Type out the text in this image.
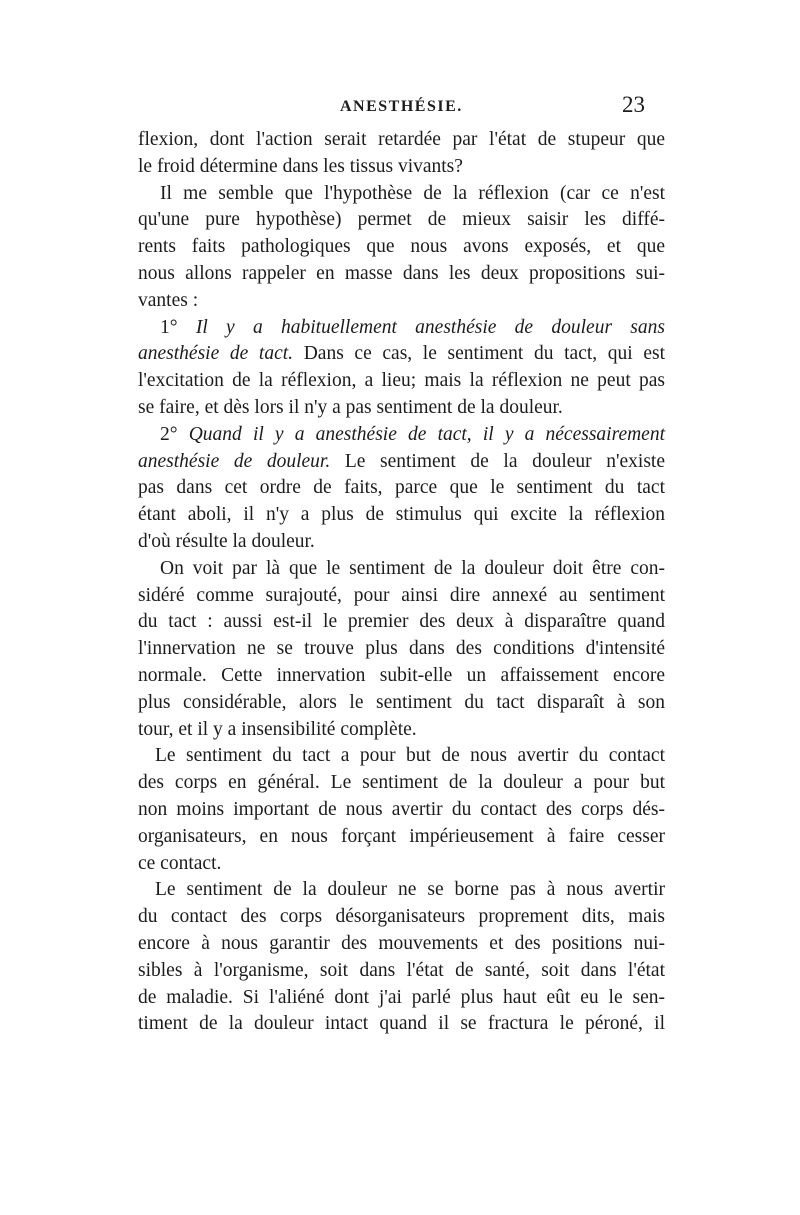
ANESTHÉSIE.	23
flexion, dont l'action serait retardée par l'état de stupeur que
le froid détermine dans les tissus vivants?
Il me semble que l'hypothèse de la réflexion (car ce n'est
qu'une pure hypothèse) permet de mieux saisir les diffé-
rents faits pathologiques que nous avons exposés, et que
nous allons rappeler en masse dans les deux propositions sui-
vantes :
1° Il y a habituellement anesthésie de douleur sans
anesthésie de tact. Dans ce cas, le sentiment du tact, qui est
l'excitation de la réflexion, a lieu; mais la réflexion ne peut pas
se faire, et dès lors il n'y a pas sentiment de la douleur.
2° Quand il y a anesthésie de tact, il y a nécessairement
anesthésie de douleur. Le sentiment de la douleur n'existe
pas dans cet ordre de faits, parce que le sentiment du tact
étant aboli, il n'y a plus de stimulus qui excite la réflexion
d'où résulte la douleur.
On voit par là que le sentiment de la douleur doit être con-
sidéré comme surajouté, pour ainsi dire annexé au sentiment
du tact : aussi est-il le premier des deux à disparaître quand
l'innervation ne se trouve plus dans des conditions d'intensité
normale. Cette innervation subit-elle un affaissement encore
plus considérable, alors le sentiment du tact disparaît à son
tour, et il y a insensibilité complète.
Le sentiment du tact a pour but de nous avertir du contact
des corps en général. Le sentiment de la douleur a pour but
non moins important de nous avertir du contact des corps dés-
organisateurs, en nous forçant impérieusement à faire cesser
ce contact.
Le sentiment de la douleur ne se borne pas à nous avertir
du contact des corps désorganisateurs proprement dits, mais
encore à nous garantir des mouvements et des positions nui-
sibles à l'organisme, soit dans l'état de santé, soit dans l'état
de maladie. Si l'aliéné dont j'ai parlé plus haut eût eu le sen-
timent de la douleur intact quand il se fractura le péroné, il
